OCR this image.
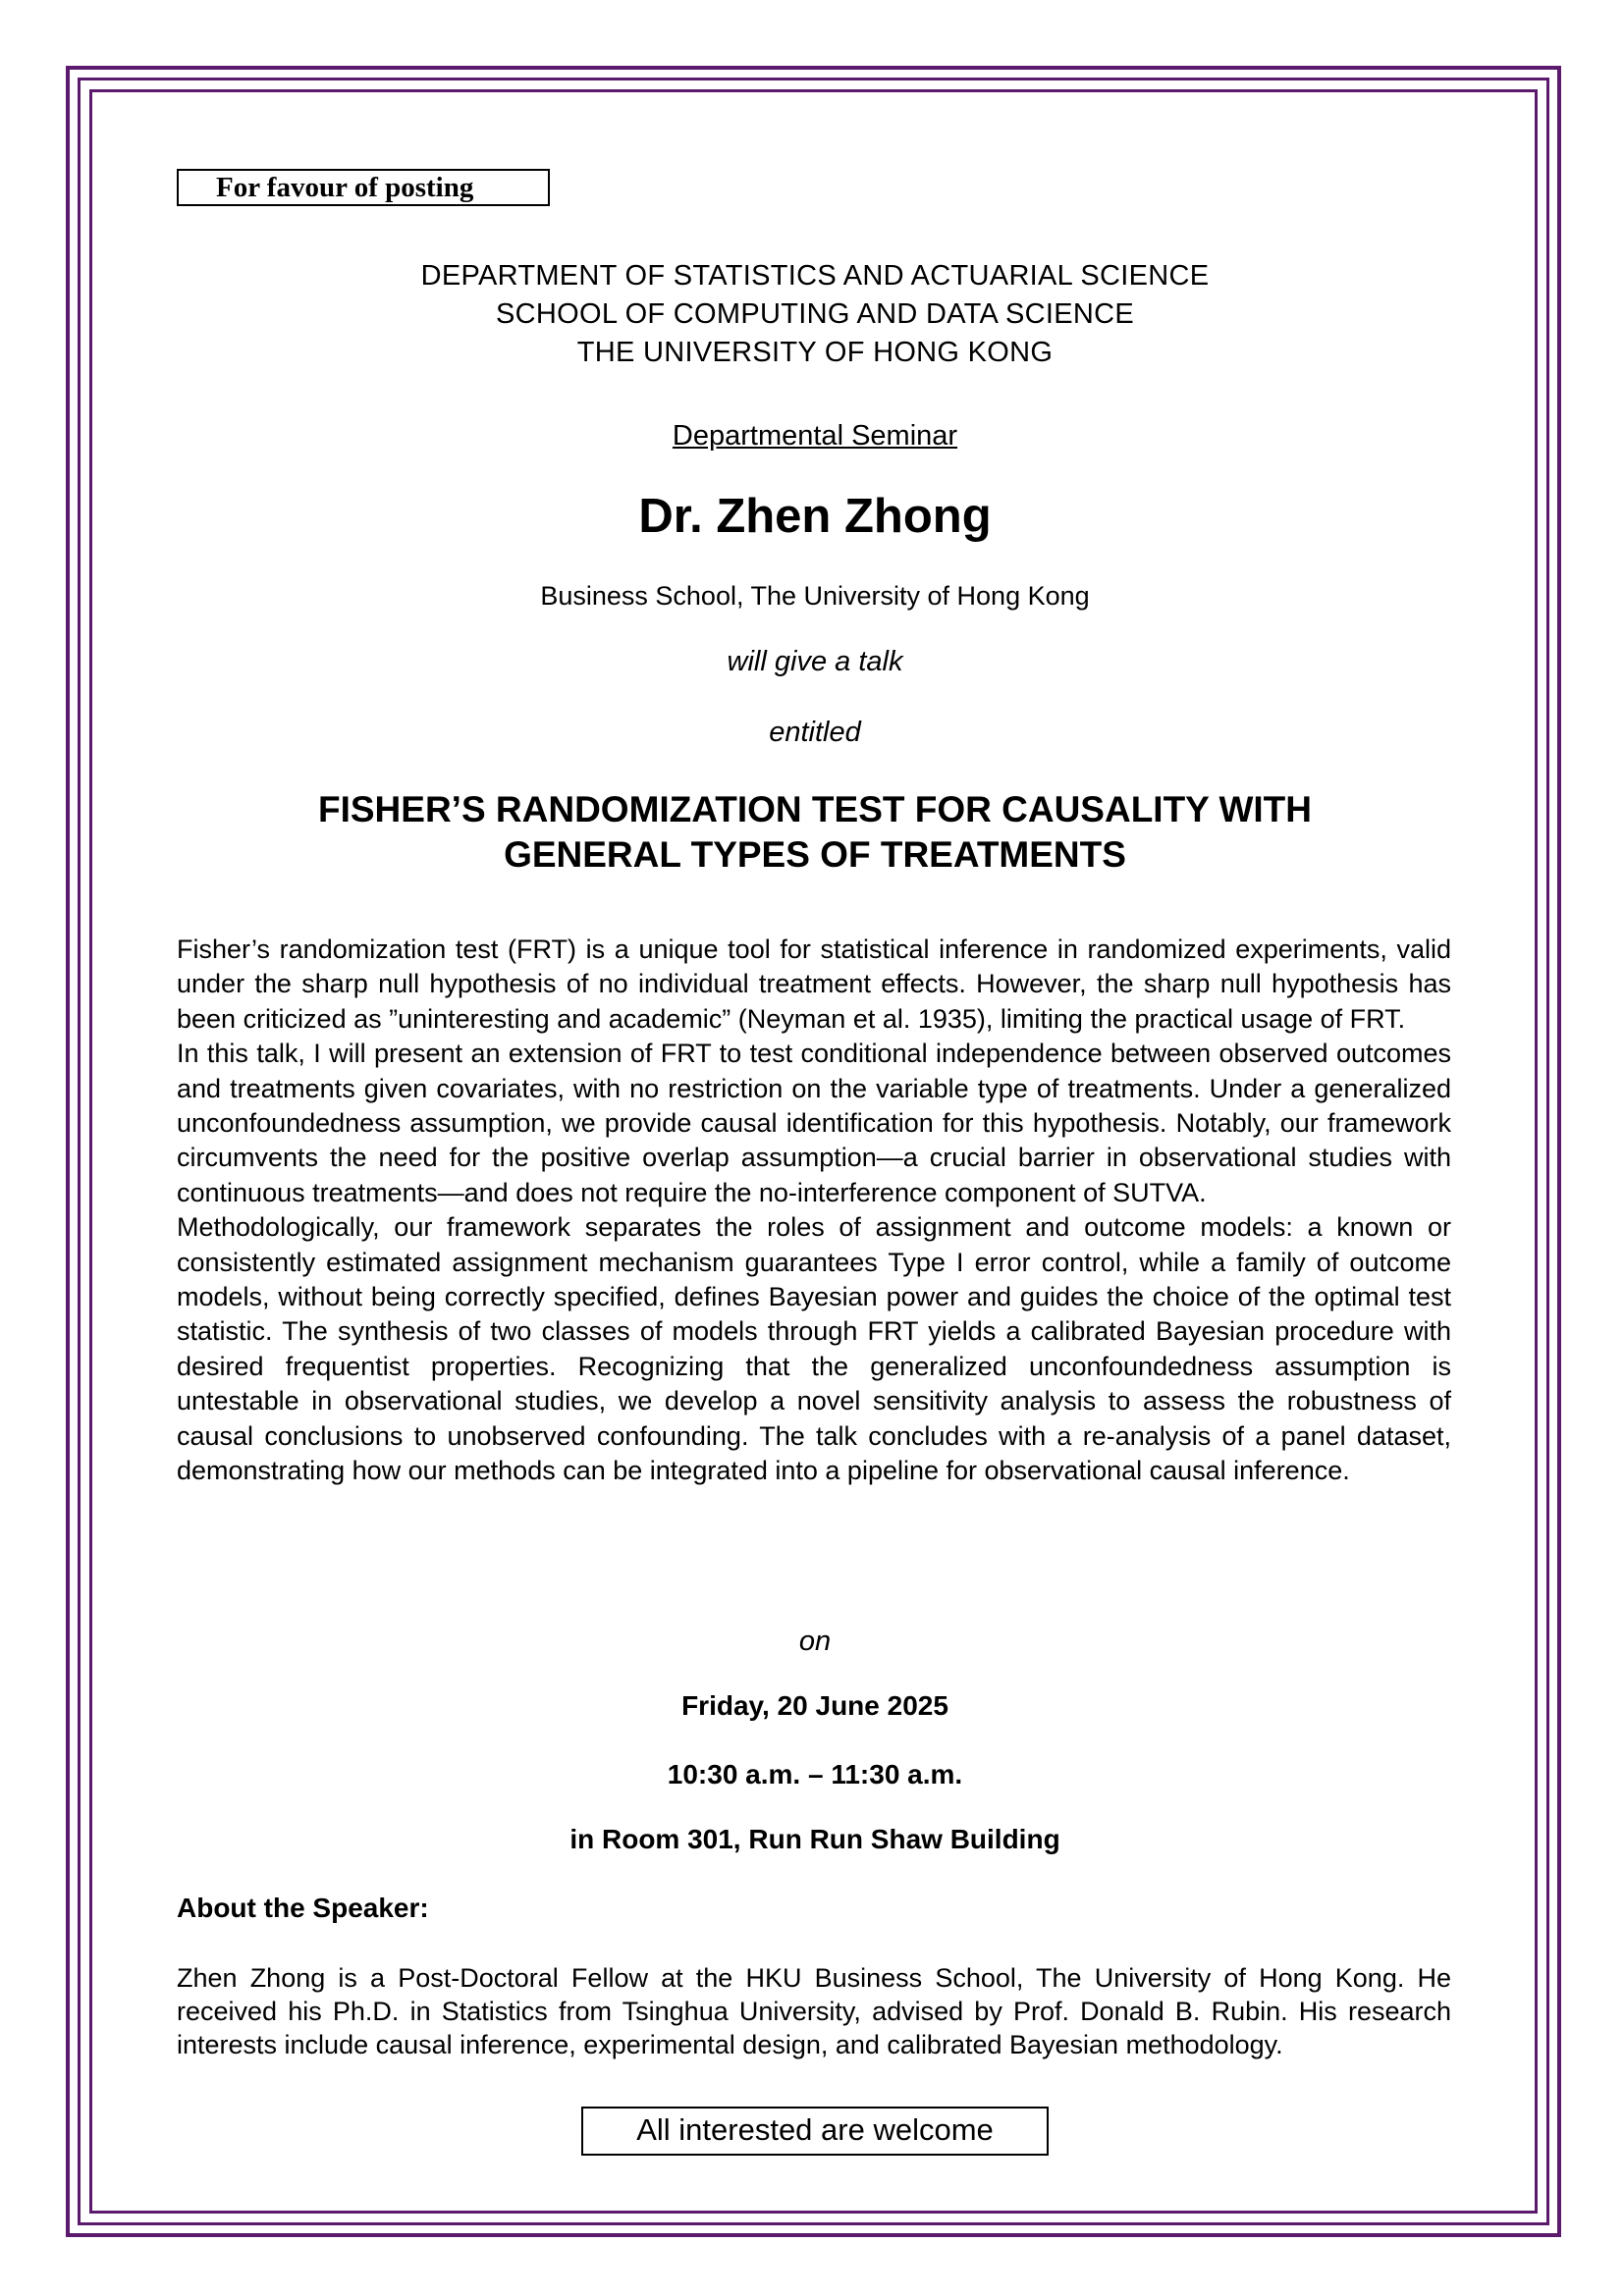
For favour of posting
DEPARTMENT OF STATISTICS AND ACTUARIAL SCIENCE
SCHOOL OF COMPUTING AND DATA SCIENCE
THE UNIVERSITY OF HONG KONG
Departmental Seminar
Dr. Zhen Zhong
Business School, The University of Hong Kong
will give a talk
entitled
FISHER’S RANDOMIZATION TEST FOR CAUSALITY WITH
GENERAL TYPES OF TREATMENTS

Fisher’s randomization test (FRT) is a unique tool for statistical inference in randomized experiments, valid under the sharp null hypothesis of no individual treatment effects. However, the sharp null hypothesis has been criticized as ”uninteresting and academic” (Neyman et al. 1935), limiting the practical usage of FRT.

In this talk, I will present an extension of FRT to test conditional independence between observed outcomes and treatments given covariates, with no restriction on the variable type of treatments. Under a generalized unconfoundedness assumption, we provide causal identification for this hypothesis. Notably, our framework circumvents the need for the positive overlap assumption—a crucial barrier in observational studies with continuous treatments—and does not require the no-interference component of SUTVA.

Methodologically, our framework separates the roles of assignment and outcome models: a known or consistently estimated assignment mechanism guarantees Type I error control, while a family of outcome models, without being correctly specified, defines Bayesian power and guides the choice of the optimal test statistic. The synthesis of two classes of models through FRT yields a calibrated Bayesian procedure with desired frequentist properties. Recognizing that the generalized unconfoundedness assumption is untestable in observational studies, we develop a novel sensitivity analysis to assess the robustness of causal conclusions to unobserved confounding. The talk concludes with a re-analysis of a panel dataset, demonstrating how our methods can be integrated into a pipeline for observational causal inference.

on
Friday, 20 June 2025
10:30 a.m. – 11:30 a.m.
in Room 301, Run Run Shaw Building
About the Speaker:
Zhen Zhong is a Post-Doctoral Fellow at the HKU Business School, The University of Hong Kong. He received his Ph.D. in Statistics from Tsinghua University, advised by Prof. Donald B. Rubin. His research interests include causal inference, experimental design, and calibrated Bayesian methodology.
All interested are welcome
